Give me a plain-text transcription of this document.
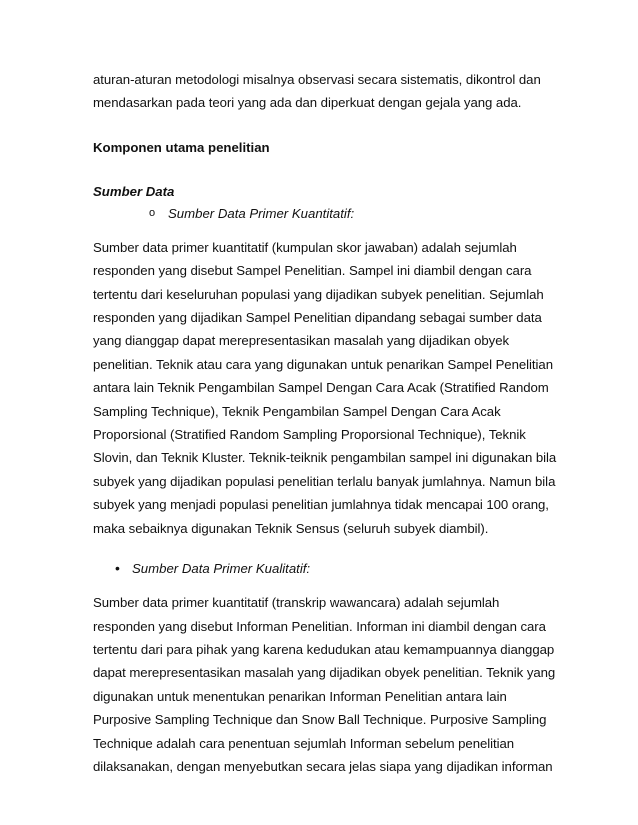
aturan-aturan metodologi misalnya observasi secara sistematis, dikontrol dan
mendasarkan pada teori yang ada dan diperkuat dengan gejala yang ada.

Komponen utama penelitian
Sumber Data
o Sumber Data Primer Kuantitatif:

Sumber data primer kuantitatif (kumpulan skor jawaban) adalah sejumlah
responden yang disebut Sampel Penelitian. Sampel ini diambil dengan cara
tertentu dari keseluruhan populasi yang dijadikan subyek penelitian. Sejumlah
responden yang dijadikan Sampel Penelitian dipandang sebagai sumber data
yang dianggap dapat merepresentasikan masalah yang dijadikan obyek
penelitian. Teknik atau cara yang digunakan untuk penarikan Sampel Penelitian
antara lain Teknik Pengambilan Sampel Dengan Cara Acak (Stratified Random
Sampling Technique), Teknik Pengambilan Sampel Dengan Cara Acak
Proporsional (Stratified Random Sampling Proporsional Technique), Teknik
Slovin, dan Teknik Kluster. Teknik-teiknik pengambilan sampel ini digunakan bila
subyek yang dijadikan populasi penelitian terlalu banyak jumlahnya. Namun bila
subyek yang menjadi populasi penelitian jumlahnya tidak mencapai 100 orang,
maka sebaiknya digunakan Teknik Sensus (seluruh subyek diambil).

• Sumber Data Primer Kualitatif:

Sumber data primer kuantitatif (transkrip wawancara) adalah sejumlah
responden yang disebut Informan Penelitian. Informan ini diambil dengan cara
tertentu dari para pihak yang karena kedudukan atau kemampuannya dianggap
dapat merepresentasikan masalah yang dijadikan obyek penelitian. Teknik yang
digunakan untuk menentukan penarikan Informan Penelitian antara lain
Purposive Sampling Technique dan Snow Ball Technique. Purposive Sampling
Technique adalah cara penentuan sejumlah Informan sebelum penelitian
dilaksanakan, dengan menyebutkan secara jelas siapa yang dijadikan informan
